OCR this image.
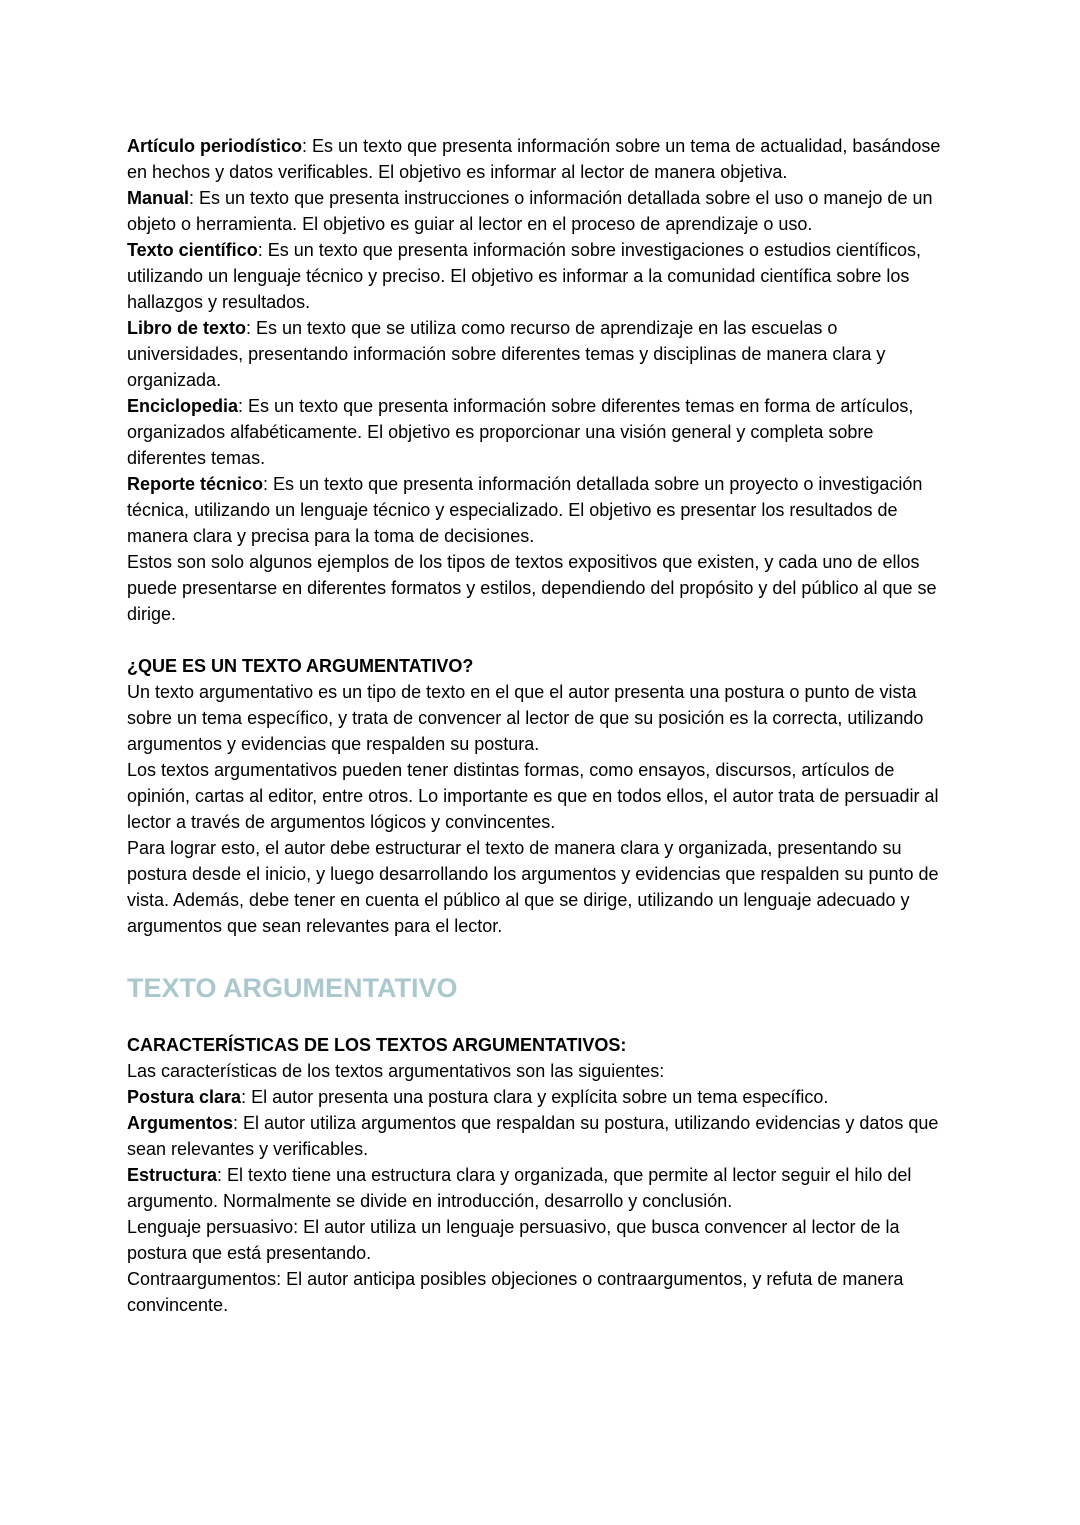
Artículo periodístico: Es un texto que presenta información sobre un tema de actualidad, basándose en hechos y datos verificables. El objetivo es informar al lector de manera objetiva.

Manual: Es un texto que presenta instrucciones o información detallada sobre el uso o manejo de un objeto o herramienta. El objetivo es guiar al lector en el proceso de aprendizaje o uso.

Texto científico: Es un texto que presenta información sobre investigaciones o estudios científicos, utilizando un lenguaje técnico y preciso. El objetivo es informar a la comunidad científica sobre los hallazgos y resultados.

Libro de texto: Es un texto que se utiliza como recurso de aprendizaje en las escuelas o universidades, presentando información sobre diferentes temas y disciplinas de manera clara y organizada.

Enciclopedia: Es un texto que presenta información sobre diferentes temas en forma de artículos, organizados alfabéticamente. El objetivo es proporcionar una visión general y completa sobre diferentes temas.

Reporte técnico: Es un texto que presenta información detallada sobre un proyecto o investigación técnica, utilizando un lenguaje técnico y especializado. El objetivo es presentar los resultados de manera clara y precisa para la toma de decisiones.

Estos son solo algunos ejemplos de los tipos de textos expositivos que existen, y cada uno de ellos puede presentarse en diferentes formatos y estilos, dependiendo del propósito y del público al que se dirige.

¿QUE ES UN TEXTO ARGUMENTATIVO?

Un texto argumentativo es un tipo de texto en el que el autor presenta una postura o punto de vista sobre un tema específico, y trata de convencer al lector de que su posición es la correcta, utilizando argumentos y evidencias que respalden su postura.

Los textos argumentativos pueden tener distintas formas, como ensayos, discursos, artículos de opinión, cartas al editor, entre otros. Lo importante es que en todos ellos, el autor trata de persuadir al lector a través de argumentos lógicos y convincentes.

Para lograr esto, el autor debe estructurar el texto de manera clara y organizada, presentando su postura desde el inicio, y luego desarrollando los argumentos y evidencias que respalden su punto de vista. Además, debe tener en cuenta el público al que se dirige, utilizando un lenguaje adecuado y argumentos que sean relevantes para el lector.

TEXTO ARGUMENTATIVO
CARACTERÍSTICAS DE LOS TEXTOS ARGUMENTATIVOS:

Las características de los textos argumentativos son las siguientes:

Postura clara: El autor presenta una postura clara y explícita sobre un tema específico.

Argumentos: El autor utiliza argumentos que respaldan su postura, utilizando evidencias y datos que sean relevantes y verificables.

Estructura: El texto tiene una estructura clara y organizada, que permite al lector seguir el hilo del argumento. Normalmente se divide en introducción, desarrollo y conclusión.

Lenguaje persuasivo: El autor utiliza un lenguaje persuasivo, que busca convencer al lector de la postura que está presentando.

Contraargumentos: El autor anticipa posibles objeciones o contraargumentos, y refuta de manera convincente.
